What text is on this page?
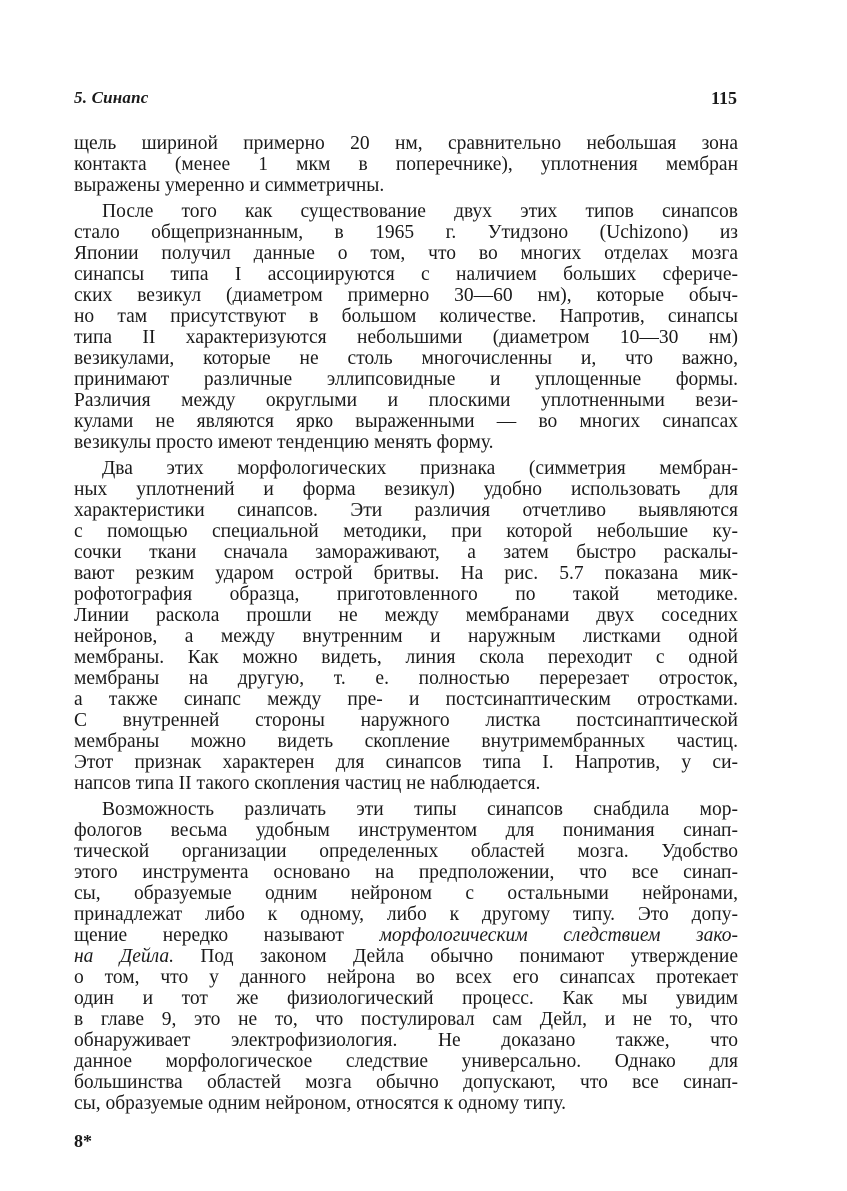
5. Синапс	115
щель шириной примерно 20 нм, сравнительно небольшая зона
контакта (менее 1 мкм в поперечнике), уплотнения мембран
выражены умеренно и симметричны.
После того как существование двух этих типов синапсов
стало общепризнанным, в 1965 г. Утидзоно (Uchizono) из
Японии получил данные о том, что во многих отделах мозга
синапсы типа I ассоциируются с наличием больших сфериче-
ских везикул (диаметром примерно 30—60 нм), которые обыч-
но там присутствуют в большом количестве. Напротив, синапсы
типа II характеризуются небольшими (диаметром 10—30 нм)
везикулами, которые не столь многочисленны и, что важно,
принимают различные эллипсовидные и уплощенные формы.
Различия между округлыми и плоскими уплотненными вези-
кулами не являются ярко выраженными — во многих синапсах
везикулы просто имеют тенденцию менять форму.
Два этих морфологических признака (симметрия мембран-
ных уплотнений и форма везикул) удобно использовать для
характеристики синапсов. Эти различия отчетливо выявляются
с помощью специальной методики, при которой небольшие ку-
сочки ткани сначала замораживают, а затем быстро раскалы-
вают резким ударом острой бритвы. На рис. 5.7 показана мик-
рофотография образца, приготовленного по такой методике.
Линии раскола прошли не между мембранами двух соседних
нейронов, а между внутренним и наружным листками одной
мембраны. Как можно видеть, линия скола переходит с одной
мембраны на другую, т. е. полностью перерезает отросток,
а также синапс между пре- и постсинаптическим отростками.
С внутренней стороны наружного листка постсинаптической
мембраны можно видеть скопление внутримембранных частиц.
Этот признак характерен для синапсов типа I. Напротив, у си-
напсов типа II такого скопления частиц не наблюдается.
Возможность различать эти типы синапсов снабдила мор-
фологов весьма удобным инструментом для понимания синап-
тической организации определенных областей мозга. Удобство
этого инструмента основано на предположении, что все синап-
сы, образуемые одним нейроном с остальными нейронами,
принадлежат либо к одному, либо к другому типу. Это допу-
щение нередко называют морфологическим следствием зако-
на Дейла. Под законом Дейла обычно понимают утверждение
о том, что у данного нейрона во всех его синапсах протекает
один и тот же физиологический процесс. Как мы увидим
в главе 9, это не то, что постулировал сам Дейл, и не то, что
обнаруживает электрофизиология. Не доказано также, что
данное морфологическое следствие универсально. Однако для
большинства областей мозга обычно допускают, что все синап-
сы, образуемые одним нейроном, относятся к одному типу.
8*
